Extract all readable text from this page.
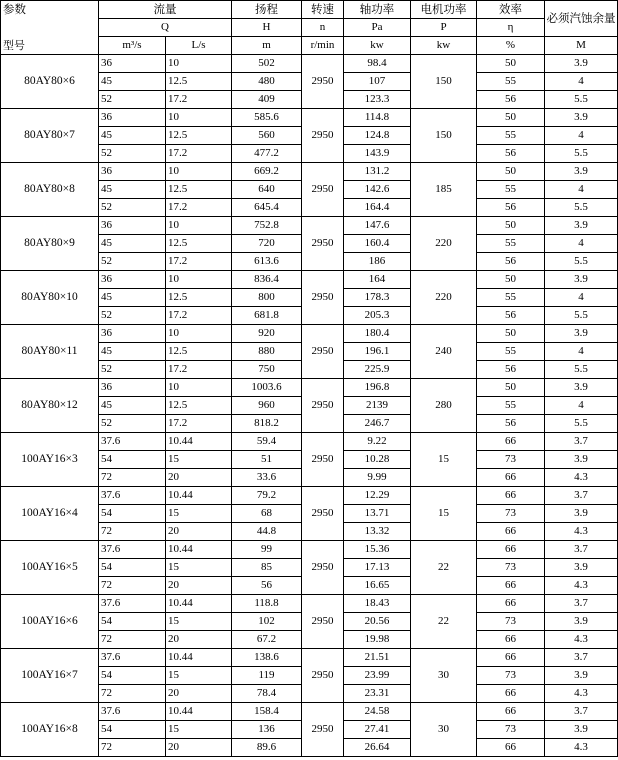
参数	流量		扬程	转速	轴功率	电机功率	效率	必须汽蚀余量
	Q		H	n	Pa	P	η	
型号	m³/s	L/s	m	r/min	kw	kw	%	M
80AY80×6	36	10	502	2950	98.4	150	50	3.9
	45	12.5	480		107		55	4
	52	17.2	409		123.3		56	5.5
80AY80×7	36	10	585.6	2950	114.8	150	50	3.9
	45	12.5	560		124.8		55	4
	52	17.2	477.2		143.9		56	5.5
80AY80×8	36	10	669.2	2950	131.2	185	50	3.9
	45	12.5	640		142.6		55	4
	52	17.2	645.4		164.4		56	5.5
80AY80×9	36	10	752.8	2950	147.6	220	50	3.9
	45	12.5	720		160.4		55	4
	52	17.2	613.6		186		56	5.5
80AY80×10	36	10	836.4	2950	164	220	50	3.9
	45	12.5	800		178.3		55	4
	52	17.2	681.8		205.3		56	5.5
80AY80×11	36	10	920	2950	180.4	240	50	3.9
	45	12.5	880		196.1		55	4
	52	17.2	750		225.9		56	5.5
80AY80×12	36	10	1003.6	2950	196.8	280	50	3.9
	45	12.5	960		2139		55	4
	52	17.2	818.2		246.7		56	5.5
100AY16×3	37.6	10.44	59.4	2950	9.22	15	66	3.7
	54	15	51		10.28		73	3.9
	72	20	33.6		9.99		66	4.3
100AY16×4	37.6	10.44	79.2	2950	12.29	15	66	3.7
	54	15	68		13.71		73	3.9
	72	20	44.8		13.32		66	4.3
100AY16×5	37.6	10.44	99	2950	15.36	22	66	3.7
	54	15	85		17.13		73	3.9
	72	20	56		16.65		66	4.3
100AY16×6	37.6	10.44	118.8	2950	18.43	22	66	3.7
	54	15	102		20.56		73	3.9
	72	20	67.2		19.98		66	4.3
100AY16×7	37.6	10.44	138.6	2950	21.51	30	66	3.7
	54	15	119		23.99		73	3.9
	72	20	78.4		23.31		66	4.3
100AY16×8	37.6	10.44	158.4	2950	24.58	30	66	3.7
	54	15	136		27.41		73	3.9
	72	20	89.6		26.64		66	4.3
